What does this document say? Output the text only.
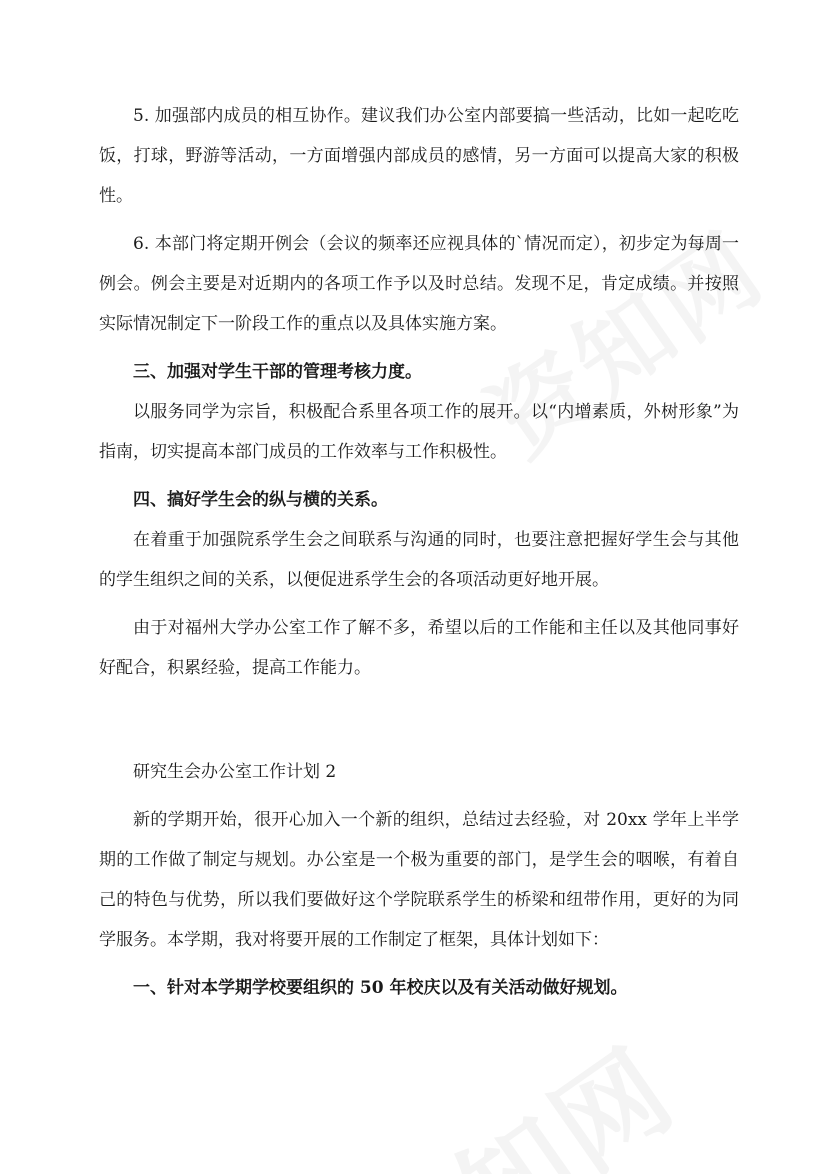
5. 加强部内成员的相互协作。建议我们办公室内部要搞一些活动，比如一起吃吃饭，打球，野游等活动，一方面增强内部成员的感情，另一方面可以提高大家的积极性。

6. 本部门将定期开例会（会议的频率还应视具体的`情况而定），初步定为每周一例会。例会主要是对近期内的各项工作予以及时总结。发现不足，肯定成绩。并按照实际情况制定下一阶段工作的重点以及具体实施方案。

三、加强对学生干部的管理考核力度。

以服务同学为宗旨，积极配合系里各项工作的展开。以“内增素质，外树形象”为指南，切实提高本部门成员的工作效率与工作积极性。

四、搞好学生会的纵与横的关系。

在着重于加强院系学生会之间联系与沟通的同时，也要注意把握好学生会与其他的学生组织之间的关系，以便促进系学生会的各项活动更好地开展。

由于对福州大学办公室工作了解不多，希望以后的工作能和主任以及其他同事好好配合，积累经验，提高工作能力。

研究生会办公室工作计划 2

新的学期开始，很开心加入一个新的组织，总结过去经验，对 20xx 学年上半学期的工作做了制定与规划。办公室是一个极为重要的部门，是学生会的咽喉，有着自己的特色与优势，所以我们要做好这个学院联系学生的桥梁和纽带作用，更好的为同学服务。本学期，我对将要开展的工作制定了框架，具体计划如下：

一、针对本学期学校要组织的 50 年校庆以及有关活动做好规划。
